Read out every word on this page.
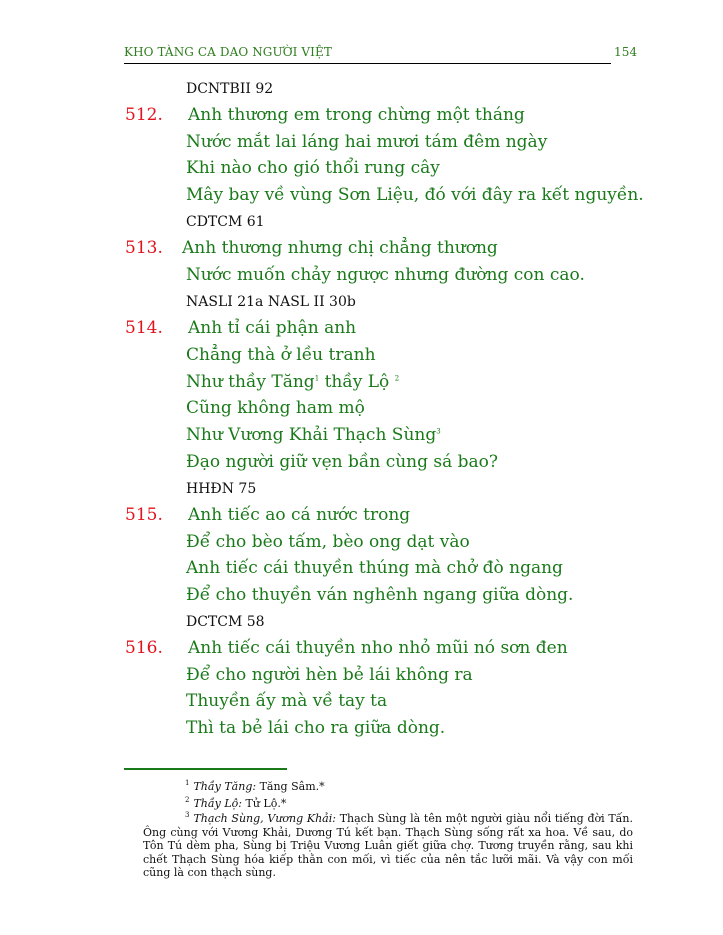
KHO TÀNG CA DAO NGƯỜI VIỆT	154
DCNTBII 92
512. Anh thương em trong chừng một tháng
Nước mắt lai láng hai mươi tám đêm ngày
Khi nào cho gió thổi rung cây
Mây bay về vùng Sơn Liệu, đó với đây ra kết nguyền.
CDTCM 61
513. Anh thương nhưng chị chẳng thương
Nước muốn chảy ngược nhưng đường con cao.
NASLI 21a NASL II 30b
514. Anh tỉ cái phận anh
Chẳng thà ở lều tranh
Như thầy Tăng$^1$ thầy Lộ $^2$
Cũng không ham mộ
Như Vương Khải Thạch Sùng$^3$
Đạo người giữ vẹn bần cùng sá bao?
HHĐN 75
515. Anh tiếc ao cá nước trong
Để cho bèo tấm, bèo ong dạt vào
Anh tiếc cái thuyền thúng mà chở đò ngang
Để cho thuyền ván nghênh ngang giữa dòng.
DCTCM 58
516. Anh tiếc cái thuyền nho nhỏ mũi nó sơn đen
Để cho người hèn bẻ lái không ra
Thuyền ấy mà về tay ta
Thì ta bẻ lái cho ra giữa dòng.
$^1$ Thầy Tăng: Tăng Sâm.*
$^2$ Thầy Lộ: Tử Lộ.*
$^3$ Thạch Sùng, Vương Khải: Thạch Sùng là tên một người giàu nổi tiếng đời Tấn. Ông cùng với Vương Khải, Dương Tú kết bạn. Thạch Sùng sống rất xa hoa. Về sau, do Tôn Tú dèm pha, Sùng bị Triệu Vương Luân giết giữa chợ. Tương truyền rằng, sau khi chết Thạch Sùng hóa kiếp thằn con mối, vì tiếc của nên tắc lưỡi mãi. Và vậy con mối cũng là con thạch sùng.
